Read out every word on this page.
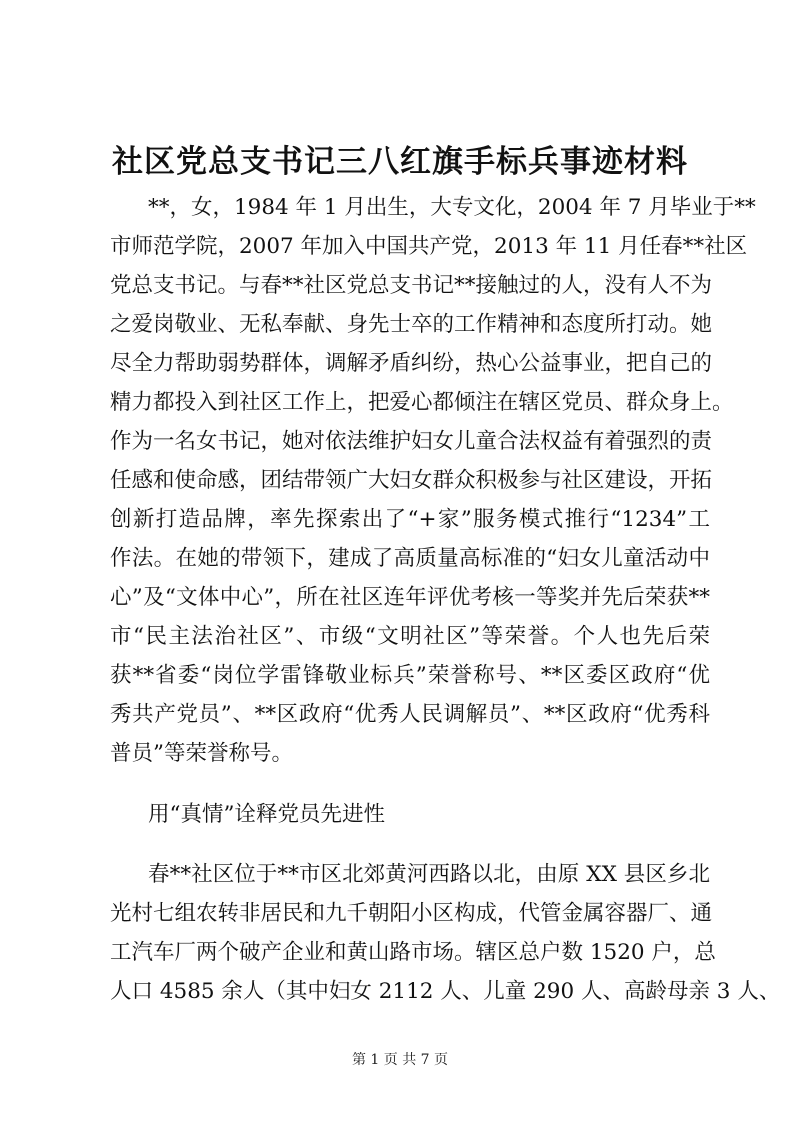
社区党总支书记三八红旗手标兵事迹材料
**，女，1984 年 1 月出生，大专文化，2004 年 7 月毕业于**
市师范学院，2007 年加入中国共产党，2013 年 11 月任春**社区
党总支书记。与春**社区党总支书记**接触过的人，没有人不为
之爱岗敬业、无私奉献、身先士卒的工作精神和态度所打动。她
尽全力帮助弱势群体，调解矛盾纠纷，热心公益事业，把自己的
精力都投入到社区工作上，把爱心都倾注在辖区党员、群众身上。
作为一名女书记，她对依法维护妇女儿童合法权益有着强烈的责
任感和使命感，团结带领广大妇女群众积极参与社区建设，开拓
创新打造品牌，率先探索出了“+家”服务模式推行“1234”工
作法。在她的带领下，建成了高质量高标准的“妇女儿童活动中
心”及“文体中心”，所在社区连年评优考核一等奖并先后荣获**
市“民主法治社区”、市级“文明社区”等荣誉。个人也先后荣
获**省委“岗位学雷锋敬业标兵”荣誉称号、**区委区政府“优
秀共产党员”、**区政府“优秀人民调解员”、**区政府“优秀科
普员”等荣誉称号。
用“真情”诠释党员先进性
春**社区位于**市区北郊黄河西路以北，由原 XX 县区乡北
光村七组农转非居民和九千朝阳小区构成，代管金属容器厂、通
工汽车厂两个破产企业和黄山路市场。辖区总户数 1520 户，总
人口 4585 余人（其中妇女 2112 人、儿童 290 人、高龄母亲 3 人、
第 1 页 共 7 页
